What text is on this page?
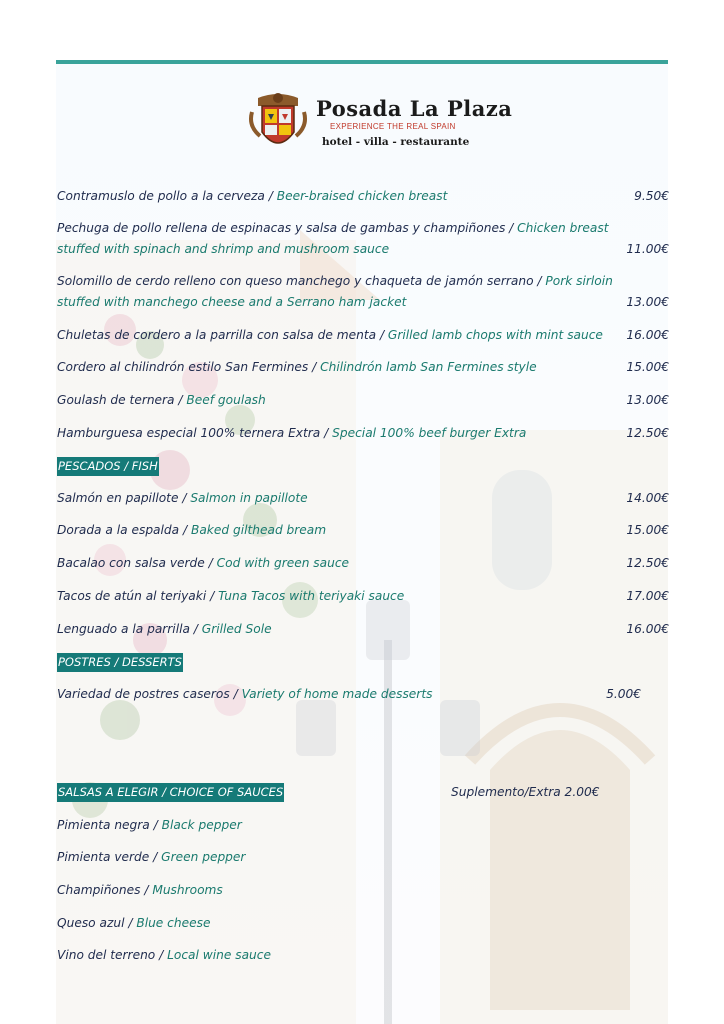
Posada La Plaza
EXPERIENCE THE REAL SPAIN
hotel - villa - restaurante
Contramuslo de pollo a la cerveza / Beer-braised chicken breast	9.50€
Pechuga de pollo rellena de espinacas y salsa de gambas y champiñones / Chicken breast stuffed with spinach and shrimp and mushroom sauce	11.00€
Solomillo de cerdo relleno con queso manchego y chaqueta de jamón serrano / Pork sirloin stuffed with manchego cheese and a Serrano ham jacket	13.00€
Chuletas de cordero a la parrilla con salsa de menta / Grilled lamb chops with mint sauce	16.00€
Cordero al chilindrón estilo San Fermines / Chilindrón lamb San Fermines style	15.00€
Goulash de ternera / Beef goulash	13.00€
Hamburguesa especial 100% ternera Extra / Special 100% beef burger Extra	12.50€
PESCADOS / FISH
Salmón en papillote / Salmon in papillote	14.00€
Dorada a la espalda / Baked gilthead bream	15.00€
Bacalao con salsa verde / Cod with green sauce	12.50€
Tacos de atún al teriyaki / Tuna Tacos with teriyaki sauce	17.00€
Lenguado a la parrilla / Grilled Sole	16.00€
POSTRES / DESSERTS
Variedad de postres caseros / Variety of home made desserts	5.00€
SALSAS A ELEGIR / CHOICE OF SAUCES	Suplemento/Extra 2.00€
Pimienta negra / Black pepper
Pimienta verde / Green pepper
Champiñones / Mushrooms
Queso azul / Blue cheese
Vino del terreno / Local wine sauce
